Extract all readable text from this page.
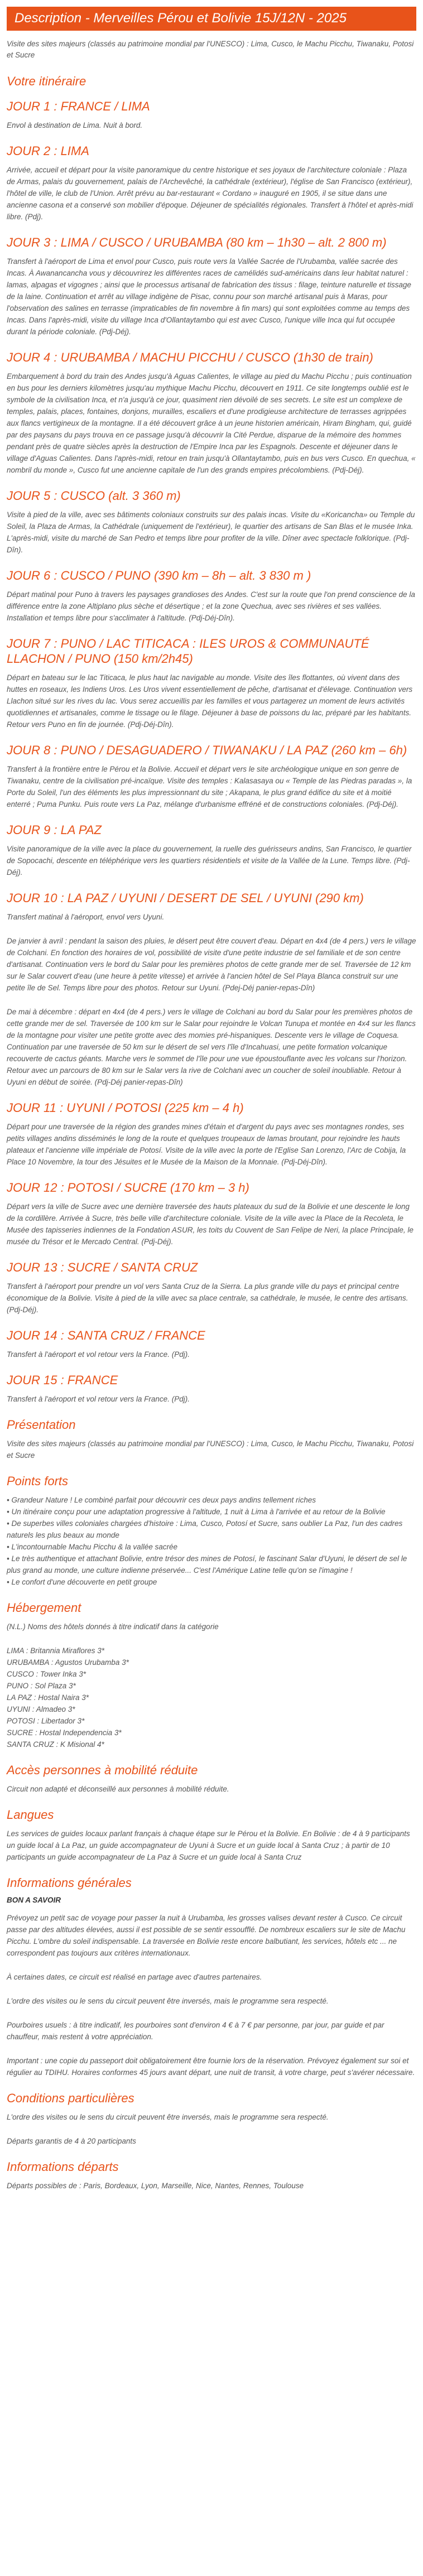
Description - Merveilles Pérou et Bolivie 15J/12N - 2025

Visite des sites majeurs (classés au patrimoine mondial par l'UNESCO) : Lima, Cusco, le Machu Picchu, Tiwanaku, Potosi et Sucre

Votre itinéraire
JOUR 1 : FRANCE / LIMA

Envol à destination de Lima. Nuit à bord.

JOUR 2 : LIMA

Arrivée, accueil et départ pour la visite panoramique du centre historique et ses joyaux de l'architecture coloniale : Plaza de Armas, palais du gouvernement, palais de l'Archevêché, la cathédrale (extérieur), l'église de San Francisco (extérieur), l'hôtel de ville, le club de l'Union. Arrêt prévu au bar-restaurant « Cordano » inauguré en 1905, il se situe dans une ancienne casona et a conservé son mobilier d'époque. Déjeuner de spécialités régionales. Transfert à l'hôtel et après-midi libre. (Pdj).

JOUR 3 : LIMA / CUSCO / URUBAMBA (80 km – 1h30 – alt. 2 800 m)

Transfert à l'aéroport de Lima et envol pour Cusco, puis route vers la Vallée Sacrée de l'Urubamba, vallée sacrée des Incas. À Awanancancha vous y découvrirez les différentes races de camélidés sud-américains dans leur habitat naturel : lamas, alpagas et vigognes ; ainsi que le processus artisanal de fabrication des tissus : filage, teinture naturelle et tissage de la laine. Continuation et arrêt au village indigène de Pisac, connu pour son marché artisanal puis à Maras, pour l'observation des salines en terrasse (impraticables de fin novembre à fin mars) qui sont exploitées comme au temps des Incas. Dans l'après-midi, visite du village Inca d'Ollantaytambo qui est avec Cusco, l'unique ville Inca qui fut occupée durant la période coloniale. (Pdj-Déj).

JOUR 4 : URUBAMBA / MACHU PICCHU / CUSCO (1h30 de train)

Embarquement à bord du train des Andes jusqu'à Aguas Calientes, le village au pied du Machu Picchu ; puis continuation en bus pour les derniers kilomètres jusqu'au mythique Machu Picchu, découvert en 1911. Ce site longtemps oublié est le symbole de la civilisation Inca, et n'a jusqu'à ce jour, quasiment rien dévoilé de ses secrets. Le site est un complexe de temples, palais, places, fontaines, donjons, murailles, escaliers et d'une prodigieuse architecture de terrasses agrippées aux flancs vertigineux de la montagne. Il a été découvert grâce à un jeune historien américain, Hiram Bingham, qui, guidé par des paysans du pays trouva en ce passage jusqu'à découvrir la Cité Perdue, disparue de la mémoire des hommes pendant près de quatre siècles après la destruction de l'Empire Inca par les Espagnols. Descente et déjeuner dans le village d'Aguas Calientes. Dans l'après-midi, retour en train jusqu'à Ollantaytambo, puis en bus vers Cusco. En quechua, « nombril du monde », Cusco fut une ancienne capitale de l'un des grands empires précolombiens. (Pdj-Déj).

JOUR 5 : CUSCO (alt. 3 360 m)

Visite à pied de la ville, avec ses bâtiments coloniaux construits sur des palais incas. Visite du «Koricancha» ou Temple du Soleil, la Plaza de Armas, la Cathédrale (uniquement de l'extérieur), le quartier des artisans de San Blas et le musée Inka. L'après-midi, visite du marché de San Pedro et temps libre pour profiter de la ville. Dîner avec spectacle folklorique. (Pdj-Dîn).

JOUR 6 : CUSCO / PUNO (390 km – 8h – alt. 3 830 m )

Départ matinal pour Puno à travers les paysages grandioses des Andes. C'est sur la route que l'on prend conscience de la différence entre la zone Altiplano plus sèche et désertique ; et la zone Quechua, avec ses rivières et ses vallées. Installation et temps libre pour s'acclimater à l'altitude. (Pdj-Déj-Dîn).

JOUR 7 : PUNO / LAC TITICACA : ILES UROS & COMMUNAUTÉ LLACHON / PUNO (150 km/2h45)

Départ en bateau sur le lac Titicaca, le plus haut lac navigable au monde. Visite des îles flottantes, où vivent dans des huttes en roseaux, les Indiens Uros. Les Uros vivent essentiellement de pêche, d'artisanat et d'élevage. Continuation vers Llachon situé sur les rives du lac. Vous serez accueillis par les familles et vous partagerez un moment de leurs activités quotidiennes et artisanales, comme le tissage ou le filage. Déjeuner à base de poissons du lac, préparé par les habitants. Retour vers Puno en fin de journée. (Pdj-Déj-Dîn).

JOUR 8 : PUNO / DESAGUADERO / TIWANAKU / LA PAZ (260 km – 6h)

Transfert à la frontière entre le Pérou et la Bolivie. Accueil et départ vers le site archéologique unique en son genre de Tiwanaku, centre de la civilisation pré-incaïque. Visite des temples : Kalasasaya ou « Temple de las Piedras paradas », la Porte du Soleil, l'un des éléments les plus impressionnant du site ; Akapana, le plus grand édifice du site et à moitié enterré ; Puma Punku. Puis route vers La Paz, mélange d'urbanisme effréné et de constructions coloniales. (Pdj-Déj).

JOUR 9 : LA PAZ

Visite panoramique de la ville avec la place du gouvernement, la ruelle des guérisseurs andins, San Francisco, le quartier de Sopocachi, descente en téléphérique vers les quartiers résidentiels et visite de la Vallée de la Lune. Temps libre. (Pdj-Déj).

JOUR 10 : LA PAZ / UYUNI / DESERT DE SEL / UYUNI (290 km)

Transfert matinal à l'aéroport, envol vers Uyuni.

De janvier à avril : pendant la saison des pluies, le désert peut être couvert d'eau. Départ en 4x4 (de 4 pers.) vers le village de Colchani. En fonction des horaires de vol, possibilité de visite d'une petite industrie de sel familiale et de son centre d'artisanat. Continuation vers le bord du Salar pour les premières photos de cette grande mer de sel. Traversée de 12 km sur le Salar couvert d'eau (une heure à petite vitesse) et arrivée à l'ancien hôtel de Sel Playa Blanca construit sur une petite île de Sel. Temps libre pour des photos. Retour sur Uyuni. (Pdej-Déj panier-repas-Dîn)

De mai à décembre : départ en 4x4 (de 4 pers.) vers le village de Colchani au bord du Salar pour les premières photos de cette grande mer de sel. Traversée de 100 km sur le Salar pour rejoindre le Volcan Tunupa et montée en 4x4 sur les flancs de la montagne pour visiter une petite grotte avec des momies pré-hispaniques. Descente vers le village de Coquesa. Continuation par une traversée de 50 km sur le désert de sel vers l'île d'Incahuasi, une petite formation volcanique recouverte de cactus géants. Marche vers le sommet de l'île pour une vue époustouflante avec les volcans sur l'horizon. Retour avec un parcours de 80 km sur le Salar vers la rive de Colchani avec un coucher de soleil inoubliable. Retour à Uyuni en début de soirée. (Pdj-Déj panier-repas-Dîn)

JOUR 11 : UYUNI / POTOSI (225 km – 4 h)

Départ pour une traversée de la région des grandes mines d'étain et d'argent du pays avec ses montagnes rondes, ses petits villages andins disséminés le long de la route et quelques troupeaux de lamas broutant, pour rejoindre les hauts plateaux et l'ancienne ville impériale de Potosí. Visite de la ville avec la porte de l'Eglise San Lorenzo, l'Arc de Cobija, la Place 10 Novembre, la tour des Jésuites et le Musée de la Maison de la Monnaie. (Pdj-Déj-Dîn).

JOUR 12 : POTOSI / SUCRE (170 km – 3 h)

Départ vers la ville de Sucre avec une dernière traversée des hauts plateaux du sud de la Bolivie et une descente le long de la cordillère. Arrivée à Sucre, très belle ville d'architecture coloniale. Visite de la ville avec la Place de la Recoleta, le Musée des tapisseries indiennes de la Fondation ASUR, les toits du Couvent de San Felipe de Neri, la place Principale, le musée du Trésor et le Mercado Central. (Pdj-Déj).

JOUR 13 : SUCRE / SANTA CRUZ

Transfert à l'aéroport pour prendre un vol vers Santa Cruz de la Sierra. La plus grande ville du pays et principal centre économique de la Bolivie. Visite à pied de la ville avec sa place centrale, sa cathédrale, le musée, le centre des artisans. (Pdj-Déj).

JOUR 14 : SANTA CRUZ / FRANCE

Transfert à l'aéroport et vol retour vers la France. (Pdj).

JOUR 15 : FRANCE

Transfert à l'aéroport et vol retour vers la France. (Pdj).

Présentation

Visite des sites majeurs (classés au patrimoine mondial par l'UNESCO) : Lima, Cusco, le Machu Picchu, Tiwanaku, Potosi et Sucre

Points forts

• Grandeur Nature ! Le combiné parfait pour découvrir ces deux pays andins tellement riches

• Un itinéraire conçu pour une adaptation progressive à l'altitude, 1 nuit à Lima à l'arrivée et au retour de la Bolivie

• De superbes villes coloniales chargées d'histoire : Lima, Cusco, Potosí et Sucre, sans oublier La Paz, l'un des cadres naturels les plus beaux au monde

• L'incontournable Machu Picchu & la vallée sacrée

• Le très authentique et attachant Bolivie, entre trésor des mines de Potosí, le fascinant Salar d'Uyuni, le désert de sel le plus grand au monde, une culture indienne préservée... C'est l'Amérique Latine telle qu'on se l'imagine !

• Le confort d'une découverte en petit groupe

Hébergement

(N.L.) Noms des hôtels donnés à titre indicatif dans la catégorie

LIMA : Britannia Miraflores 3*

URUBAMBA : Agustos Urubamba 3*

CUSCO : Tower Inka 3*

PUNO : Sol Plaza 3*

LA PAZ : Hostal Naira 3*

UYUNI : Almadeo 3*

POTOSI : Libertador 3*

SUCRE : Hostal Independencia 3*

SANTA CRUZ : K Misional 4*

Accès personnes à mobilité réduite

Circuit non adapté et déconseillé aux personnes à mobilité réduite.

Langues

Les services de guides locaux parlant français à chaque étape sur le Pérou et la Bolivie. En Bolivie : de 4 à 9 participants un guide local à La Paz, un guide accompagnateur de Uyuni à Sucre et un guide local à Santa Cruz ; à partir de 10 participants un guide accompagnateur de La Paz à Sucre et un guide local à Santa Cruz

Informations générales

BON A SAVOIR

Prévoyez un petit sac de voyage pour passer la nuit à Urubamba, les grosses valises devant rester à Cusco. Ce circuit passe par des altitudes élevées, aussi il est possible de se sentir essoufflé. De nombreux escaliers sur le site de Machu Picchu. L'ombre du soleil indispensable. La traversée en Bolivie reste encore balbutiant, les services, hôtels etc ... ne correspondent pas toujours aux critères internationaux.

À certaines dates, ce circuit est réalisé en partage avec d'autres partenaires.

L'ordre des visites ou le sens du circuit peuvent être inversés, mais le programme sera respecté.

Pourboires usuels : à titre indicatif, les pourboires sont d'environ 4 € à 7 € par personne, par jour, par guide et par chauffeur, mais restent à votre appréciation.

Important : une copie du passeport doit obligatoirement être fournie lors de la réservation. Prévoyez également sur soi et régulier au TDIHU. Horaires conformes 45 jours avant départ, une nuit de transit, à votre charge, peut s'avérer nécessaire.

Conditions particulières

L'ordre des visites ou le sens du circuit peuvent être inversés, mais le programme sera respecté.

Départs garantis de 4 à 20 participants

Informations départs

Départs possibles de : Paris, Bordeaux, Lyon, Marseille, Nice, Nantes, Rennes, Toulouse
